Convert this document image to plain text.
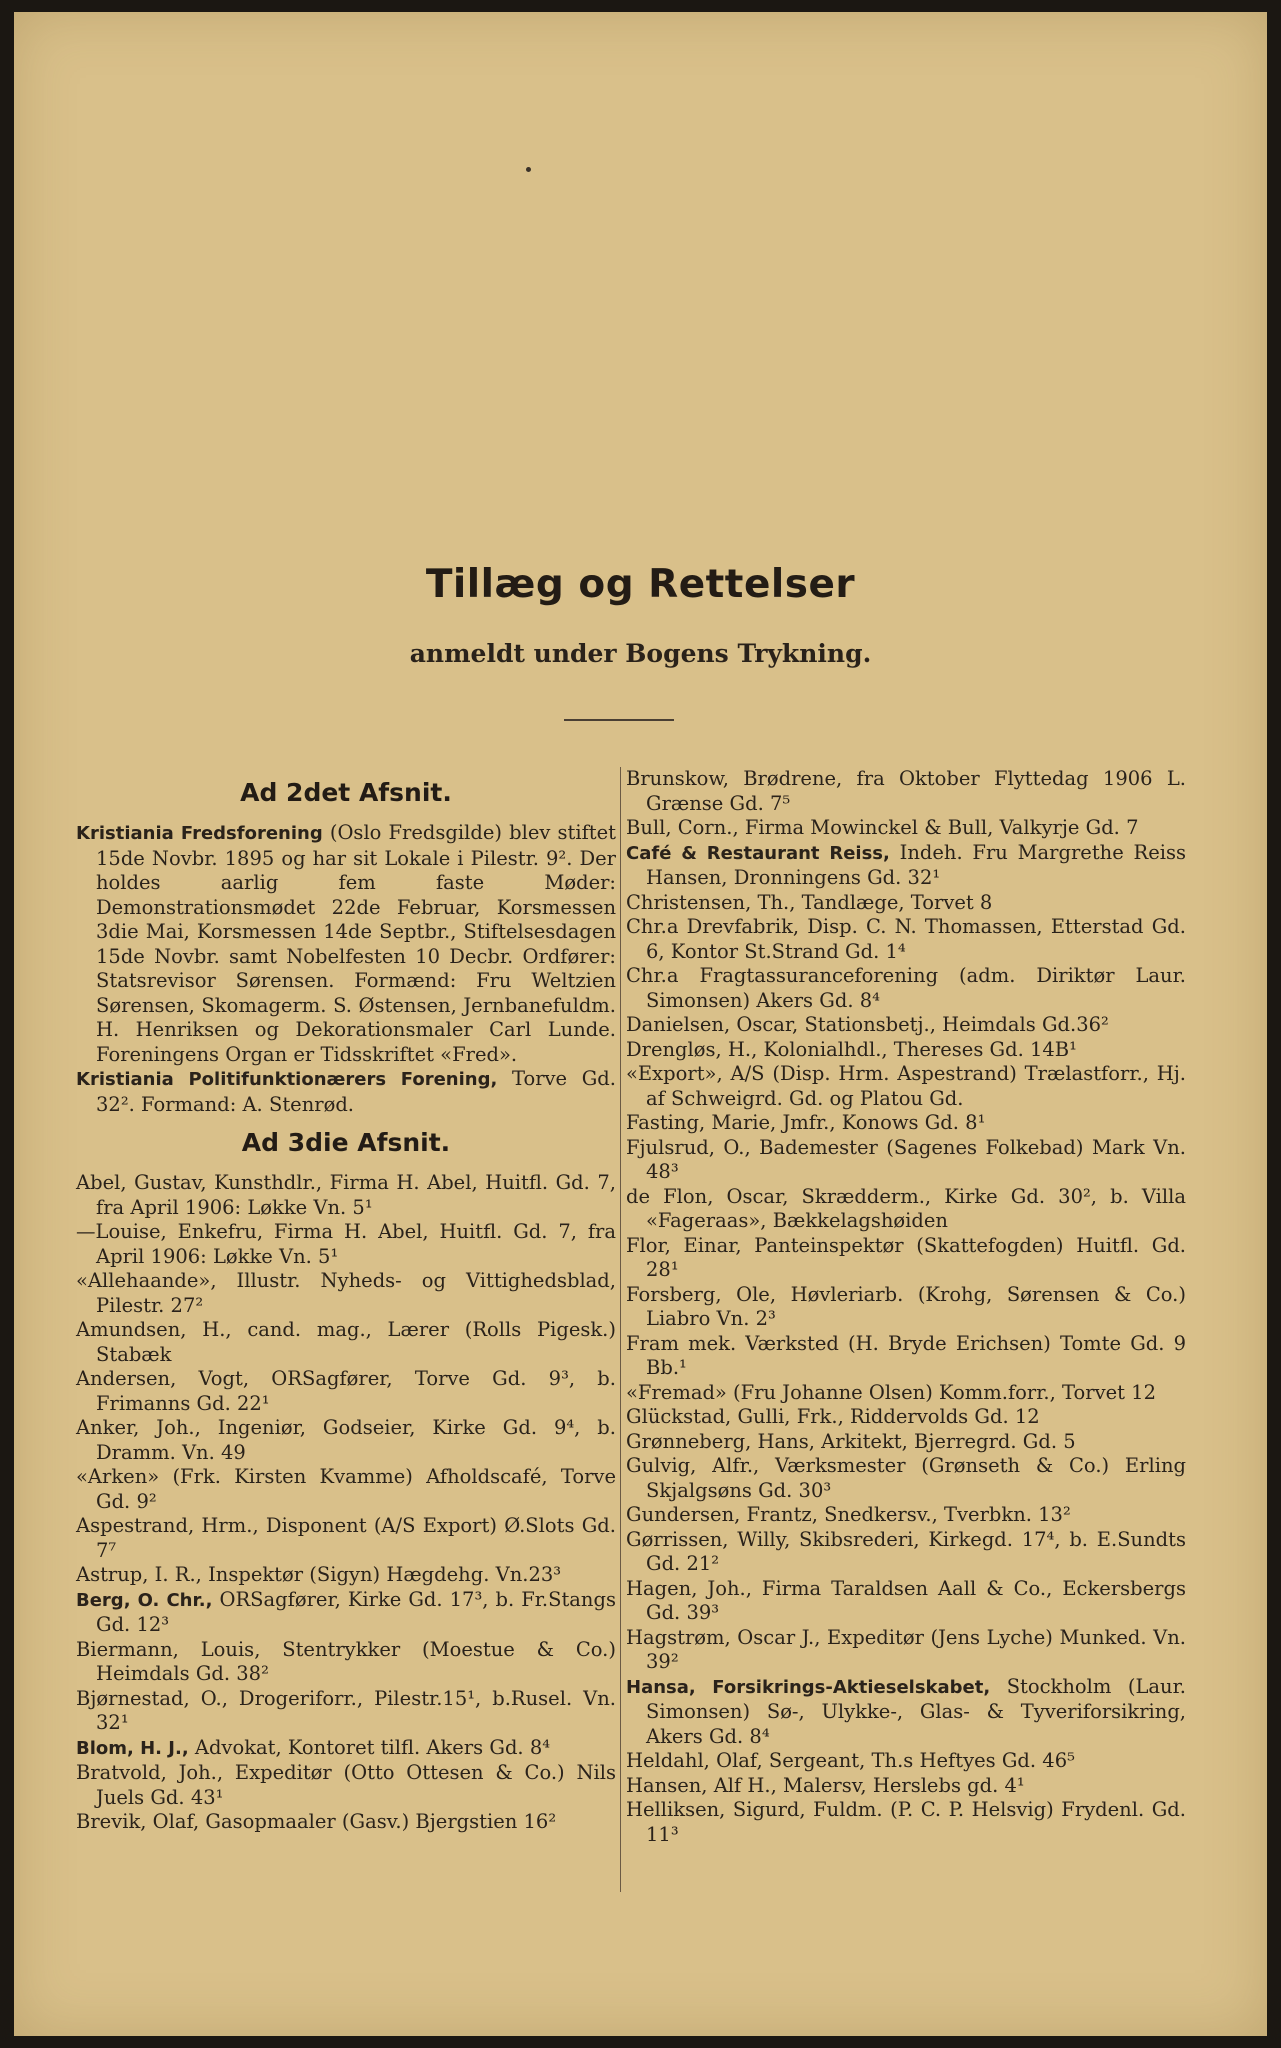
Tillæg og Rettelser
anmeldt under Bogens Trykning.
Ad 2det Afsnit.

Kristiania Fredsforening (Oslo Fredsgilde) blev stiftet 15de Novbr. 1895 og har sit Lokale i Pilestr. 9². Der holdes aarlig fem faste Møder: Demonstrationsmødet 22de Februar, Korsmessen 3die Mai, Korsmessen 14de Septbr., Stiftelsesdagen 15de Novbr. samt Nobelfesten 10 Decbr. Ordfører: Statsrevisor Sørensen. Formænd: Fru Weltzien Sørensen, Skomagerm. S. Østensen, Jernbanefuldm. H. Henriksen og Dekorationsmaler Carl Lunde. Foreningens Organ er Tidsskriftet «Fred».

Kristiania Politifunktionærers Forening, Torve Gd. 32². Formand: A. Stenrød.

Ad 3die Afsnit.

Abel, Gustav, Kunsthdlr., Firma H. Abel, Huitfl. Gd. 7, fra April 1906: Løkke Vn. 5¹

—Louise, Enkefru, Firma H. Abel, Huitfl. Gd. 7, fra April 1906: Løkke Vn. 5¹

«Allehaande», Illustr. Nyheds- og Vittighedsblad, Pilestr. 27²

Amundsen, H., cand. mag., Lærer (Rolls Pigesk.) Stabæk

Andersen, Vogt, ORSagfører, Torve Gd. 9³, b. Frimanns Gd. 22¹

Anker, Joh., Ingeniør, Godseier, Kirke Gd. 9⁴, b. Dramm. Vn. 49

«Arken» (Frk. Kirsten Kvamme) Afholdscafé, Torve Gd. 9²

Aspestrand, Hrm., Disponent (A/S Export) Ø.Slots Gd. 7⁷

Astrup, I. R., Inspektør (Sigyn) Hægdehg. Vn.23³

Berg, O. Chr., ORSagfører, Kirke Gd. 17³, b. Fr.Stangs Gd. 12³

Biermann, Louis, Stentrykker (Moestue & Co.) Heimdals Gd. 38²

Bjørnestad, O., Drogeriforr., Pilestr.15¹, b.Rusel. Vn. 32¹

Blom, H. J., Advokat, Kontoret tilfl. Akers Gd. 8⁴

Bratvold, Joh., Expeditør (Otto Ottesen & Co.) Nils Juels Gd. 43¹

Brevik, Olaf, Gasopmaaler (Gasv.) Bjergstien 16²

Brunskow, Brødrene, fra Oktober Flyttedag 1906 L. Grænse Gd. 7⁵

Bull, Corn., Firma Mowinckel & Bull, Valkyrje Gd. 7

Café & Restaurant Reiss, Indeh. Fru Margrethe Reiss Hansen, Dronningens Gd. 32¹

Christensen, Th., Tandlæge, Torvet 8

Chr.a Drevfabrik, Disp. C. N. Thomassen, Etterstad Gd. 6, Kontor St.Strand Gd. 1⁴

Chr.a Fragtassuranceforening (adm. Diriktør Laur. Simonsen) Akers Gd. 8⁴

Danielsen, Oscar, Stationsbetj., Heimdals Gd.36²

Drengløs, H., Kolonialhdl., Thereses Gd. 14B¹

«Export», A/S (Disp. Hrm. Aspestrand) Trælastforr., Hj. af Schweigrd. Gd. og Platou Gd.

Fasting, Marie, Jmfr., Konows Gd. 8¹

Fjulsrud, O., Bademester (Sagenes Folkebad) Mark Vn. 48³

de Flon, Oscar, Skrædderm., Kirke Gd. 30², b. Villa «Fageraas», Bækkelagshøiden

Flor, Einar, Panteinspektør (Skattefogden) Huitfl. Gd. 28¹

Forsberg, Ole, Høvleriarb. (Krohg, Sørensen & Co.) Liabro Vn. 2³

Fram mek. Værksted (H. Bryde Erichsen) Tomte Gd. 9 Bb.¹

«Fremad» (Fru Johanne Olsen) Komm.forr., Torvet 12

Glückstad, Gulli, Frk., Riddervolds Gd. 12

Grønneberg, Hans, Arkitekt, Bjerregrd. Gd. 5

Gulvig, Alfr., Værksmester (Grønseth & Co.) Erling Skjalgsøns Gd. 30³

Gundersen, Frantz, Snedkersv., Tverbkn. 13²

Gørrissen, Willy, Skibsrederi, Kirkegd. 17⁴, b. E.Sundts Gd. 21²

Hagen, Joh., Firma Taraldsen Aall & Co., Eckersbergs Gd. 39³

Hagstrøm, Oscar J., Expeditør (Jens Lyche) Munked. Vn. 39²

Hansa, Forsikrings-Aktieselskabet, Stockholm (Laur. Simonsen) Sø-, Ulykke-, Glas- & Tyveriforsikring, Akers Gd. 8⁴

Heldahl, Olaf, Sergeant, Th.s Heftyes Gd. 46⁵

Hansen, Alf H., Malersv, Herslebs gd. 4¹

Helliksen, Sigurd, Fuldm. (P. C. P. Helsvig) Frydenl. Gd. 11³
